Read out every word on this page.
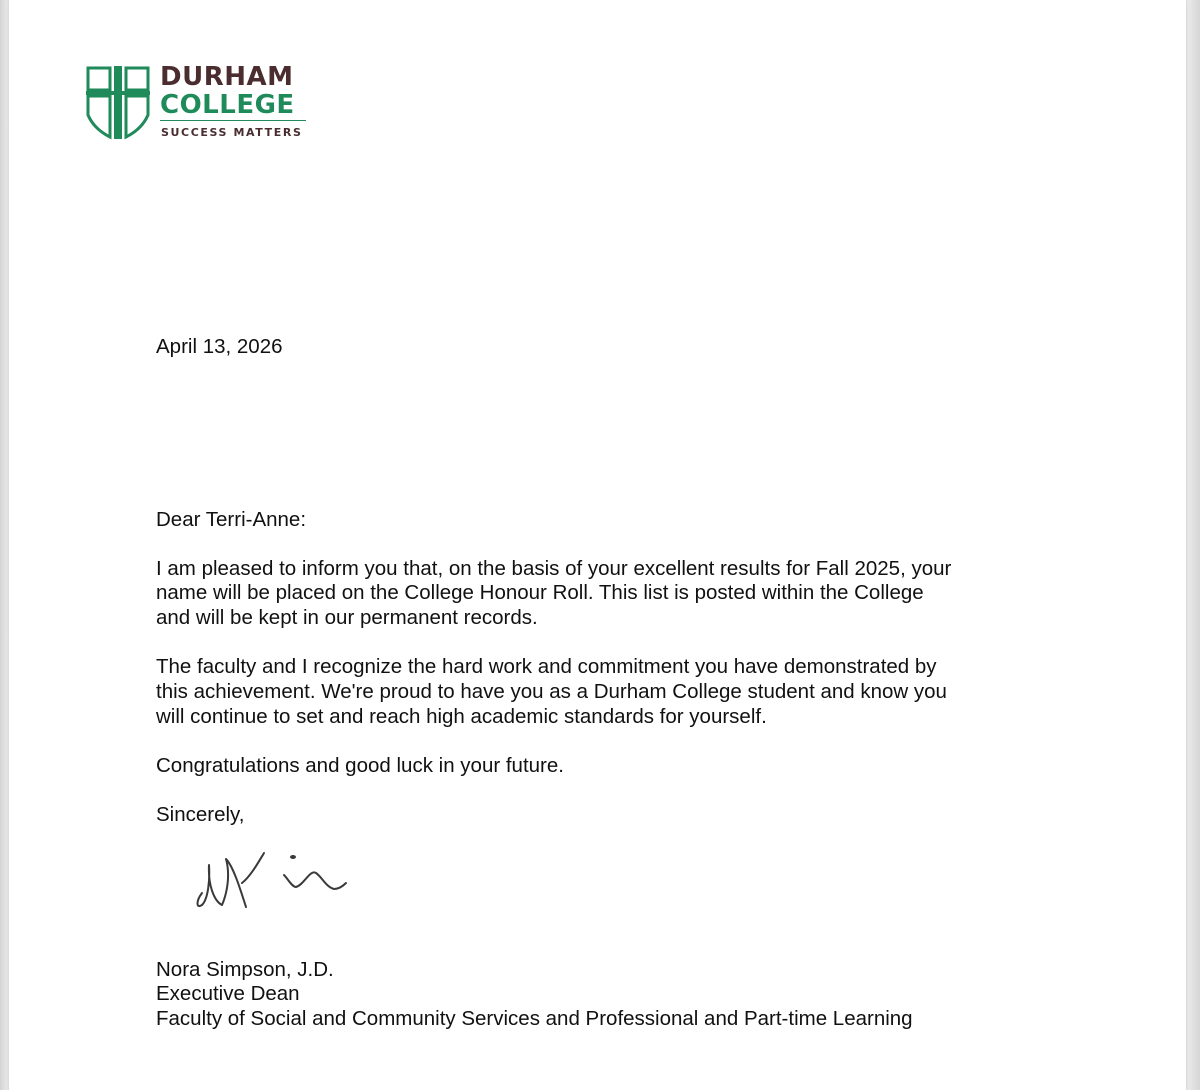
DURHAM
COLLEGE
SUCCESS MATTERS
April 13, 2026
Dear Terri-Anne:
I am pleased to inform you that, on the basis of your excellent results for Fall 2025, your
name will be placed on the College Honour Roll. This list is posted within the College
and will be kept in our permanent records.
The faculty and I recognize the hard work and commitment you have demonstrated by
this achievement. We're proud to have you as a Durham College student and know you
will continue to set and reach high academic standards for yourself.
Congratulations and good luck in your future.
Sincerely,
Nora Simpson, J.D.
Executive Dean
Faculty of Social and Community Services and Professional and Part-time Learning
